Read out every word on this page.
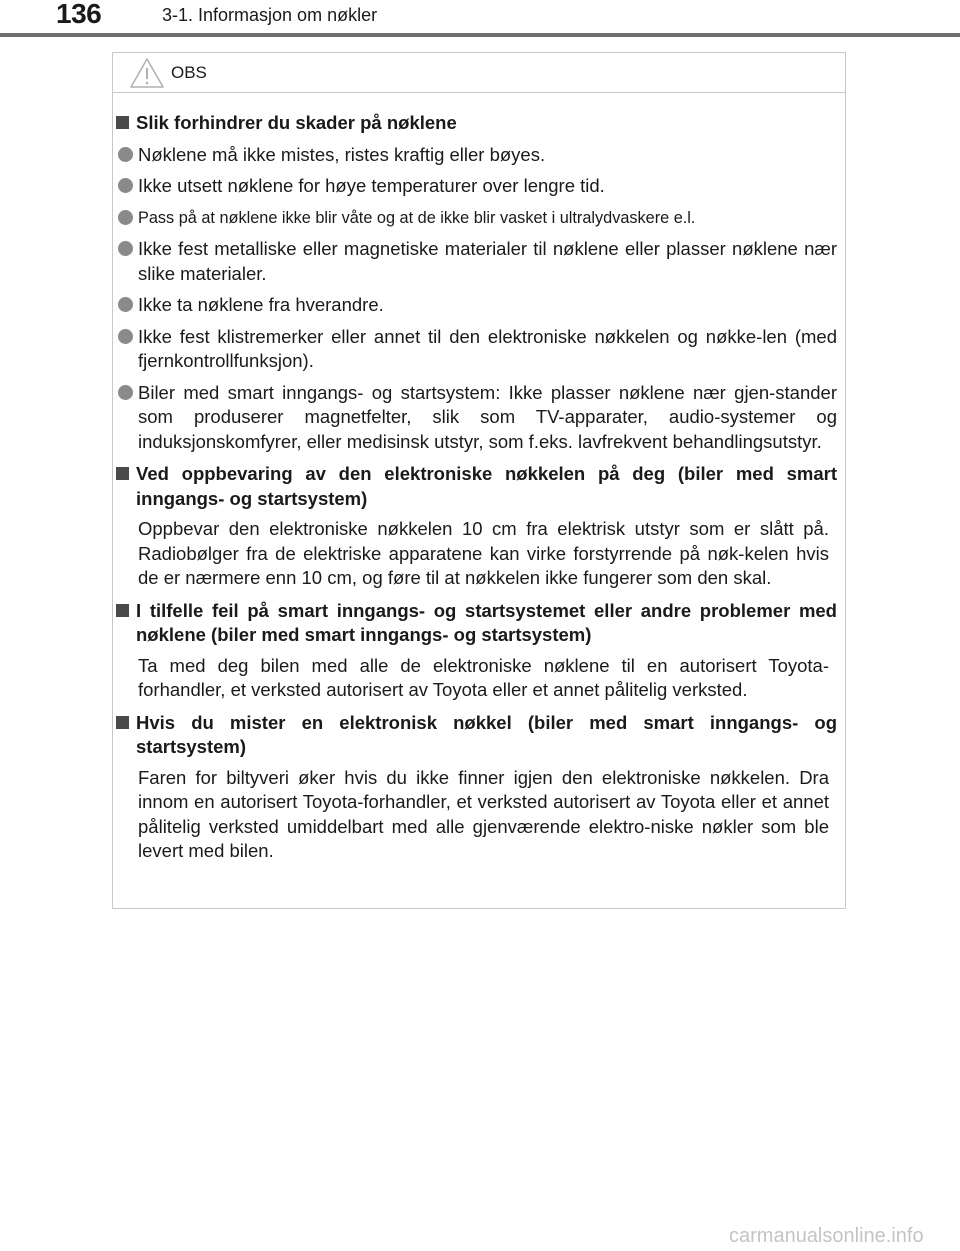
136	3-1. Informasjon om nøkler
OBS
Slik forhindrer du skader på nøklene
Nøklene må ikke mistes, ristes kraftig eller bøyes.
Ikke utsett nøklene for høye temperaturer over lengre tid.
Pass på at nøklene ikke blir våte og at de ikke blir vasket i ultralydvaskere e.l.
Ikke fest metalliske eller magnetiske materialer til nøklene eller plasser nøklene nær slike materialer.
Ikke ta nøklene fra hverandre.
Ikke fest klistremerker eller annet til den elektroniske nøkkelen og nøkke-len (med fjernkontrollfunksjon).
Biler med smart inngangs- og startsystem: Ikke plasser nøklene nær gjen-stander som produserer magnetfelter, slik som TV-apparater, audio-systemer og induksjonskomfyrer, eller medisinsk utstyr, som f.eks. lavfrekvent behandlingsutstyr.
Ved oppbevaring av den elektroniske nøkkelen på deg (biler med smart inngangs- og startsystem)
Oppbevar den elektroniske nøkkelen 10 cm fra elektrisk utstyr som er slått på. Radiobølger fra de elektriske apparatene kan virke forstyrrende på nøk-kelen hvis de er nærmere enn 10 cm, og føre til at nøkkelen ikke fungerer som den skal.
I tilfelle feil på smart inngangs- og startsystemet eller andre problemer med nøklene (biler med smart inngangs- og startsystem)
Ta med deg bilen med alle de elektroniske nøklene til en autorisert Toyota-forhandler, et verksted autorisert av Toyota eller et annet pålitelig verksted.
Hvis du mister en elektronisk nøkkel (biler med smart inngangs- og startsystem)
Faren for biltyveri øker hvis du ikke finner igjen den elektroniske nøkkelen. Dra innom en autorisert Toyota-forhandler, et verksted autorisert av Toyota eller et annet pålitelig verksted umiddelbart med alle gjenværende elektro-niske nøkler som ble levert med bilen.
carmanualsonline.info
